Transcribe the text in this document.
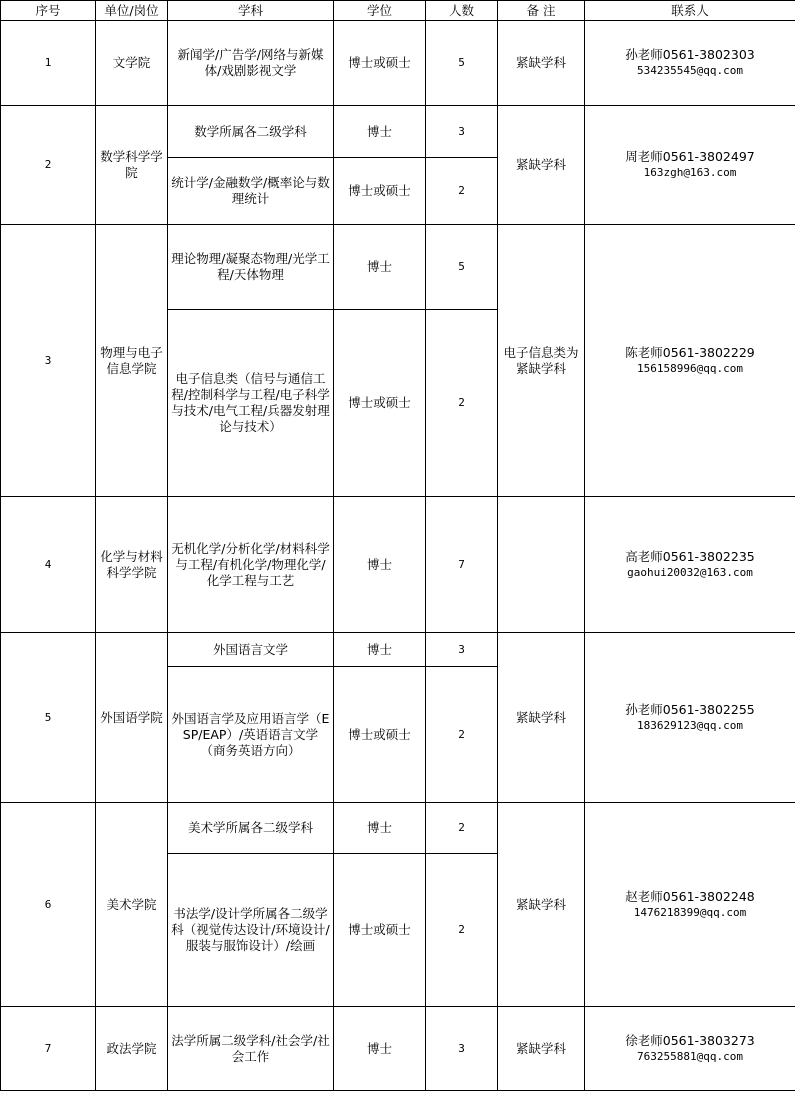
序号	单位/岗位	学科	学位	人数	备 注	联系人
1	文学院	新闻学/广告学/网络与新媒体/戏剧影视文学	博士或硕士	5	紧缺学科	孙老师0561-3802303
534235545@qq.com

2	数学科学学院	数学所属各二级学科	博士	3	紧缺学科	周老师0561-3802497
163zgh@163.com

		统计学/金融数学/概率论与数理统计	博士或硕士	2		
3	物理与电子信息学院	理论物理/凝聚态物理/光学工程/天体物理	博士	5	电子信息类为紧缺学科	陈老师0561-3802229
156158996@qq.com

		电子信息类（信号与通信工程/控制科学与工程/电子科学与技术/电气工程/兵器发射理论与技术）	博士或硕士	2		
4	化学与材料科学学院	无机化学/分析化学/材料科学与工程/有机化学/物理化学/化学工程与工艺	博士	7		高老师0561-3802235
gaohui20032@163.com

5	外国语学院	外国语言文学	博士	3	紧缺学科	孙老师0561-3802255
183629123@qq.com

		外国语言学及应用语言学（ESP/EAP）/英语语言文学（商务英语方向）	博士或硕士	2		
6	美术学院	美术学所属各二级学科	博士	2	紧缺学科	赵老师0561-3802248
1476218399@qq.com

		书法学/设计学所属各二级学科（视觉传达设计/环境设计/服装与服饰设计）/绘画	博士或硕士	2		
7	政法学院	法学所属二级学科/社会学/社会工作	博士	3	紧缺学科	徐老师0561-3803273
763255881@qq.com
